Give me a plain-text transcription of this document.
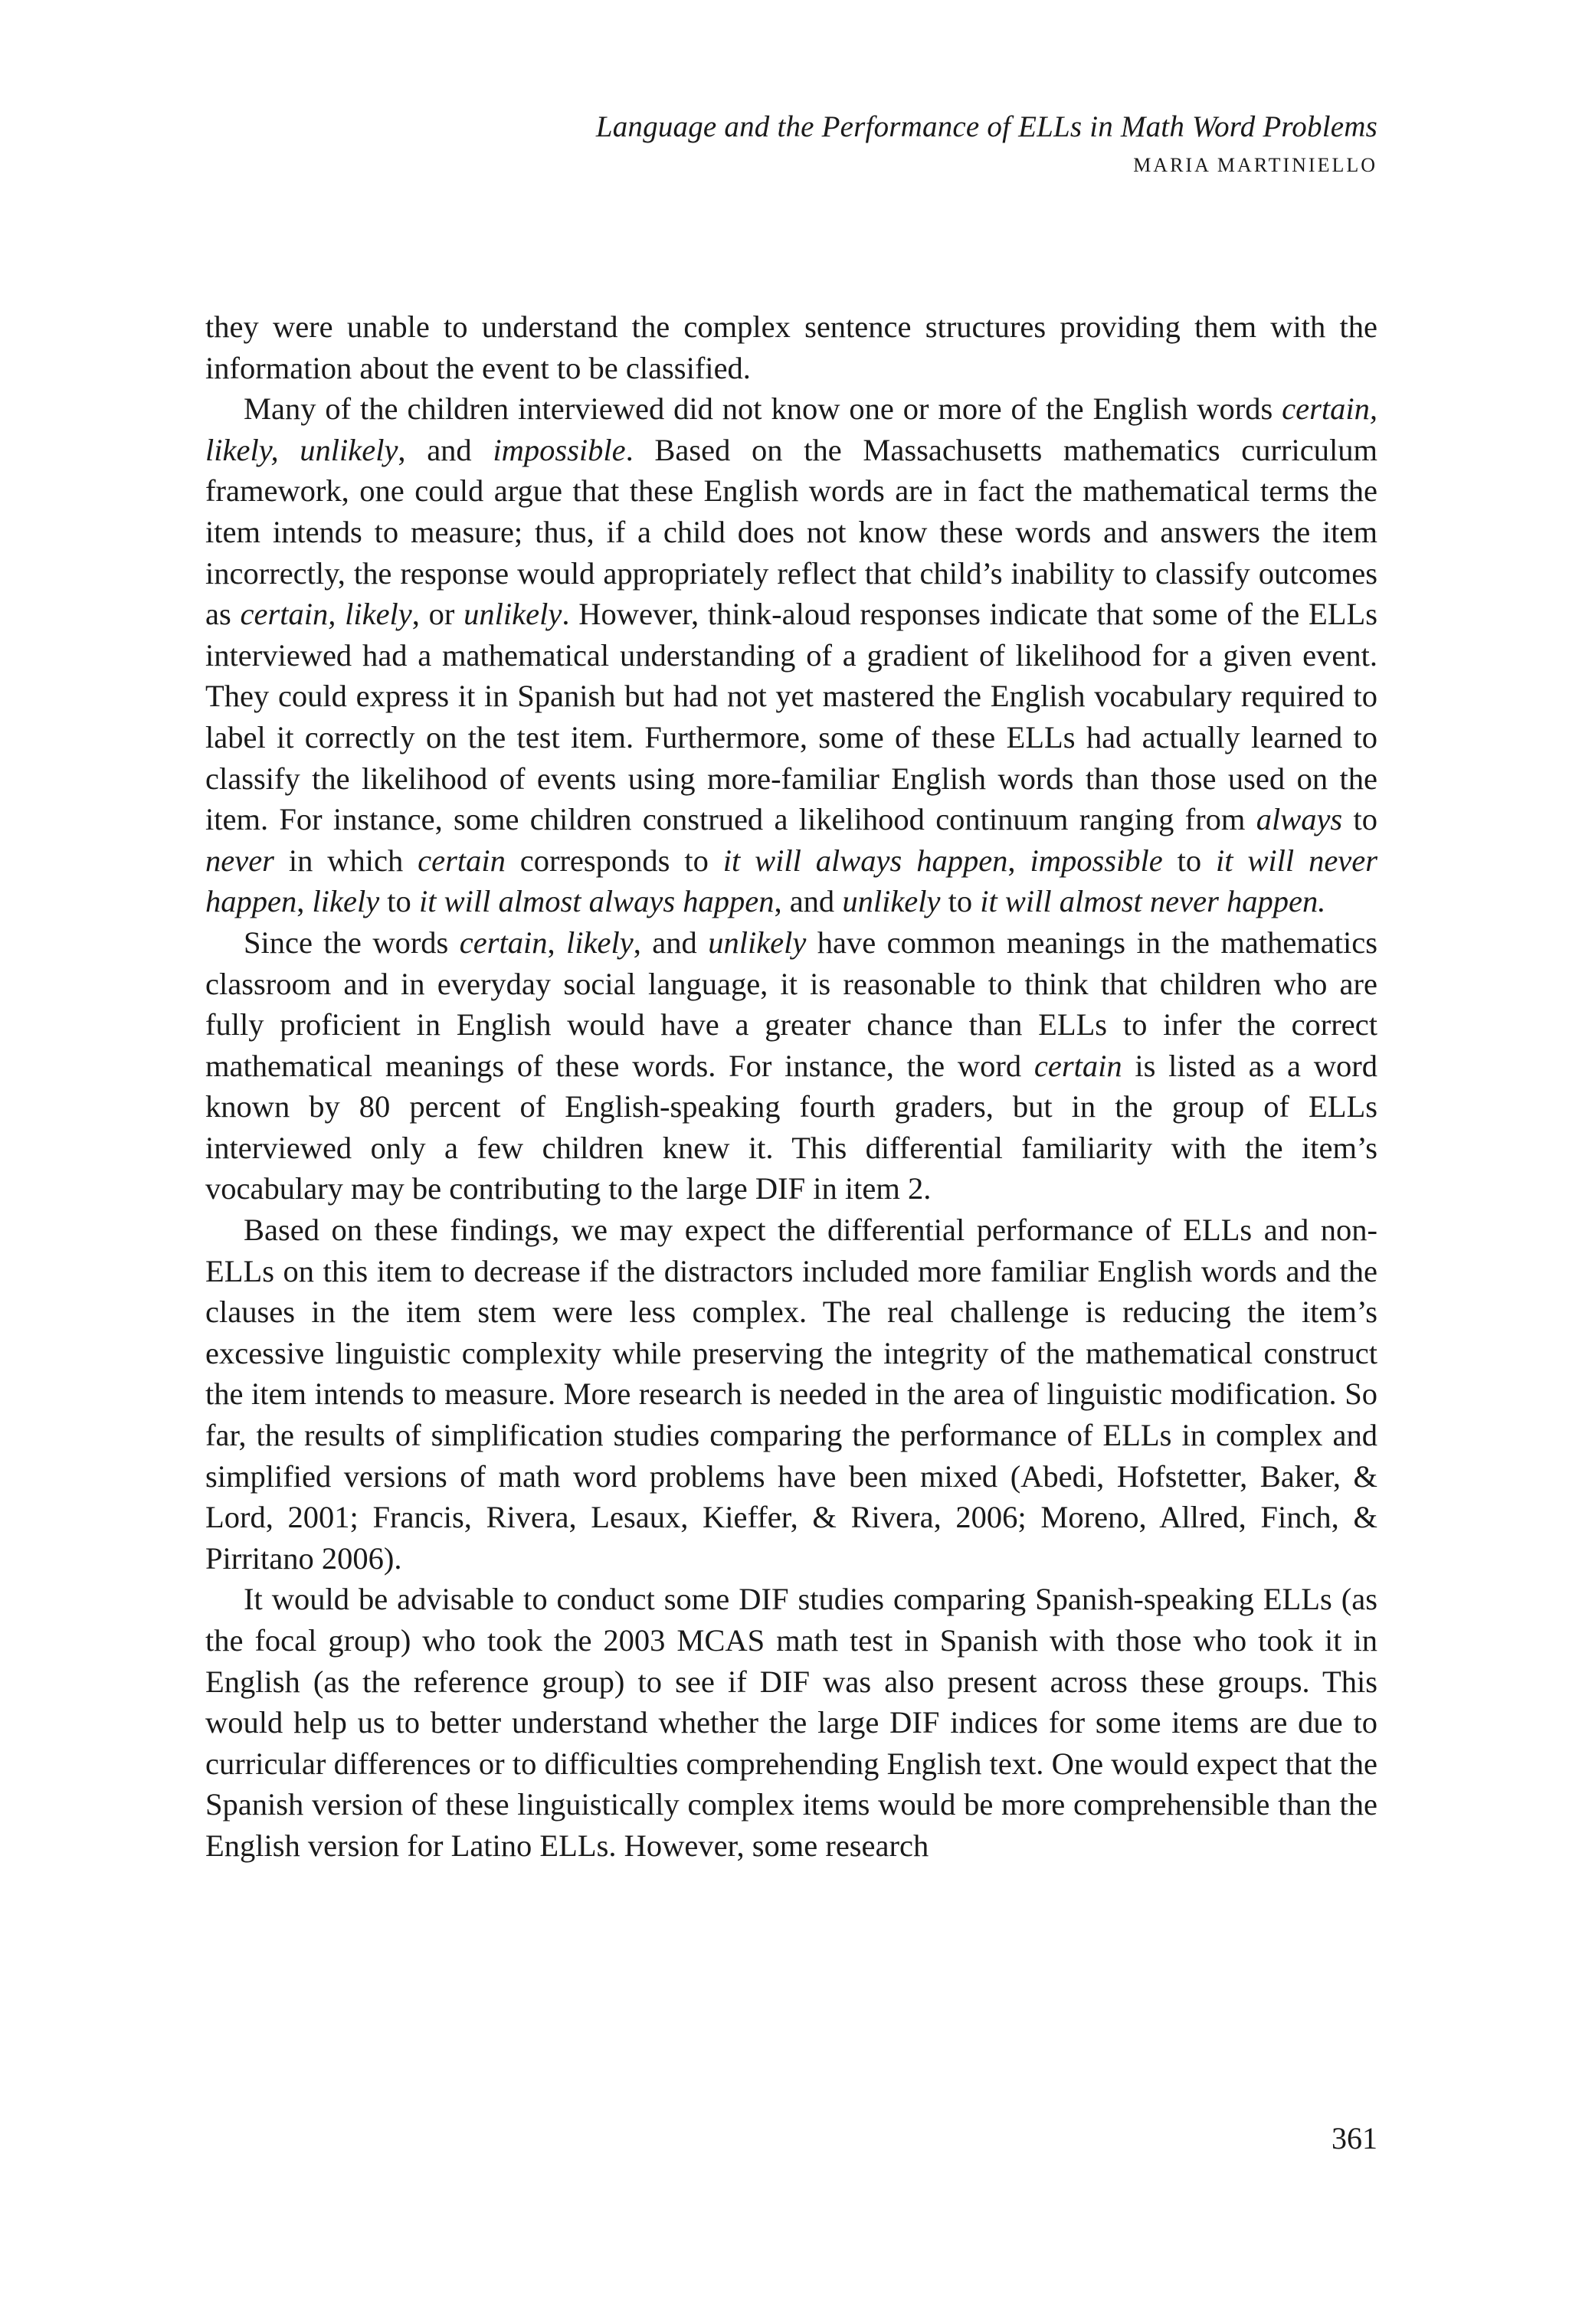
Language and the Performance of ELLs in Math Word Problems
MARIA MARTINIELLO

they were unable to understand the complex sentence structures providing them with the information about the event to be classified.

Many of the children interviewed did not know one or more of the English words certain, likely, unlikely, and impossible. Based on the Massachusetts mathematics curriculum framework, one could argue that these English words are in fact the mathematical terms the item intends to measure; thus, if a child does not know these words and answers the item incorrectly, the response would appropriately reflect that child’s inability to classify outcomes as certain, likely, or unlikely. However, think-aloud responses indicate that some of the ELLs interviewed had a mathematical understanding of a gradient of likelihood for a given event. They could express it in Spanish but had not yet mastered the English vocabulary required to label it correctly on the test item. Furthermore, some of these ELLs had actually learned to classify the likelihood of events using more-familiar English words than those used on the item. For instance, some children construed a likelihood continuum ranging from always to never in which certain corresponds to it will always happen, impossible to it will never happen, likely to it will almost always happen, and unlikely to it will almost never happen.

Since the words certain, likely, and unlikely have common meanings in the mathematics classroom and in everyday social language, it is reasonable to think that children who are fully proficient in English would have a greater chance than ELLs to infer the correct mathematical meanings of these words. For instance, the word certain is listed as a word known by 80 percent of English-speaking fourth graders, but in the group of ELLs interviewed only a few children knew it. This differential familiarity with the item’s vocabulary may be contributing to the large DIF in item 2.

Based on these findings, we may expect the differential performance of ELLs and non-ELLs on this item to decrease if the distractors included more familiar English words and the clauses in the item stem were less complex. The real challenge is reducing the item’s excessive linguistic complexity while preserving the integrity of the mathematical construct the item intends to measure. More research is needed in the area of linguistic modification. So far, the results of simplification studies comparing the performance of ELLs in complex and simplified versions of math word problems have been mixed (Abedi, Hofstetter, Baker, & Lord, 2001; Francis, Rivera, Lesaux, Kieffer, & Rivera, 2006; Moreno, Allred, Finch, & Pirritano 2006).

It would be advisable to conduct some DIF studies comparing Spanish-speaking ELLs (as the focal group) who took the 2003 MCAS math test in Spanish with those who took it in English (as the reference group) to see if DIF was also present across these groups. This would help us to better understand whether the large DIF indices for some items are due to curricular differences or to difficulties comprehending English text. One would expect that the Spanish version of these linguistically complex items would be more comprehensible than the English version for Latino ELLs. However, some research

361
